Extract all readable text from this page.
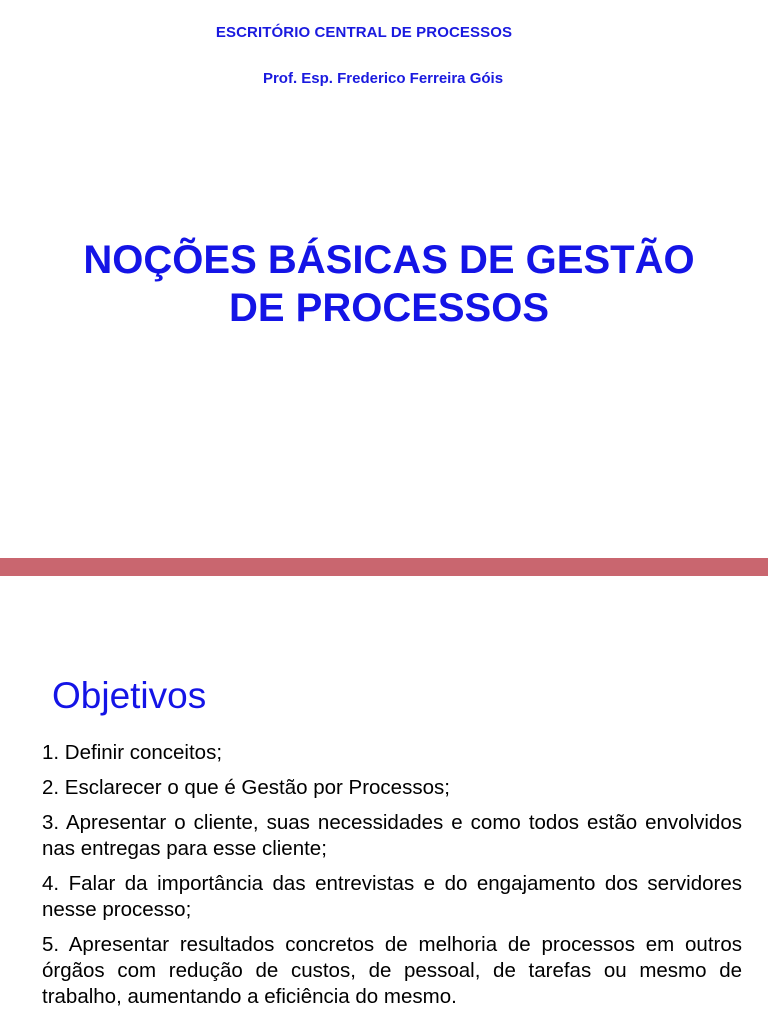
ESCRITÓRIO CENTRAL DE PROCESSOS
Prof. Esp. Frederico Ferreira Góis
NOÇÕES BÁSICAS DE GESTÃO
DE PROCESSOS
Objetivos
1. Definir conceitos;
2. Esclarecer o que é Gestão por Processos;
3. Apresentar o cliente, suas necessidades e como todos estão envolvidos nas entregas para esse cliente;
4. Falar da importância das entrevistas e do engajamento dos servidores nesse processo;
5. Apresentar resultados concretos de melhoria de processos em outros órgãos com redução de custos, de pessoal, de tarefas ou mesmo de trabalho, aumentando a eficiência do mesmo.
